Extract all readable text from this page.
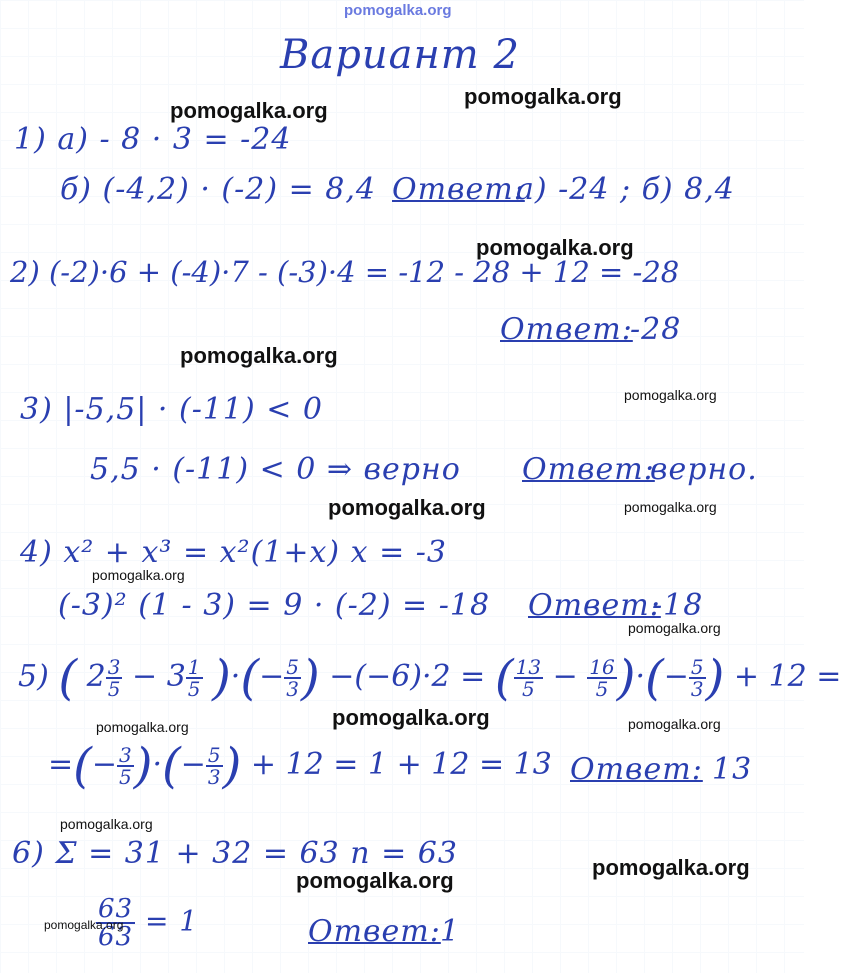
pomogalka.org
Вариант 2
1) а) - 8 · 3 = -24
б) (-4,2) · (-2) = 8,4 Ответ:
а) -24 ; б) 8,4
2) (-2)·6 + (-4)·7 - (-3)·4 = -12 - 28 + 12 = -28
Ответ:
-28
3) |-5,5| · (-11) < 0
5,5 · (-11) < 0 ⇒ верно Ответ:
верно.
4) x² + x³ = x²(1+x) x = -3
(-3)² (1 - 3) = 9 · (-2) = -18 Ответ:
-18
5) ( $2 \frac{3}{5} - 3 \frac{1}{5}$ )·(− $\frac{5}{3}$ ) −(−6)·2 = ( $\frac{13}{5} - \frac{16}{5}$ )·(− $\frac{5}{3}$ ) + 12 =
=(− $\frac{3}{5}$ )·(− $\frac{5}{3}$ ) + 12 = 1 + 12 = 13 Ответ: 13
6) Σ = 31 + 32 = 63 n = 63
$\frac{63}{63} = 1$	Ответ: 1
pomogalka.org
pomogalka.org
pomogalka.org
pomogalka.org
pomogalka.org
pomogalka.org	pomogalka.org
pomogalka.org
pomogalka.org
pomogalka.org	pomogalka.org	pomogalka.org
pomogalka.org
pomogalka.org
pomogalka.org
pomogalka.org
